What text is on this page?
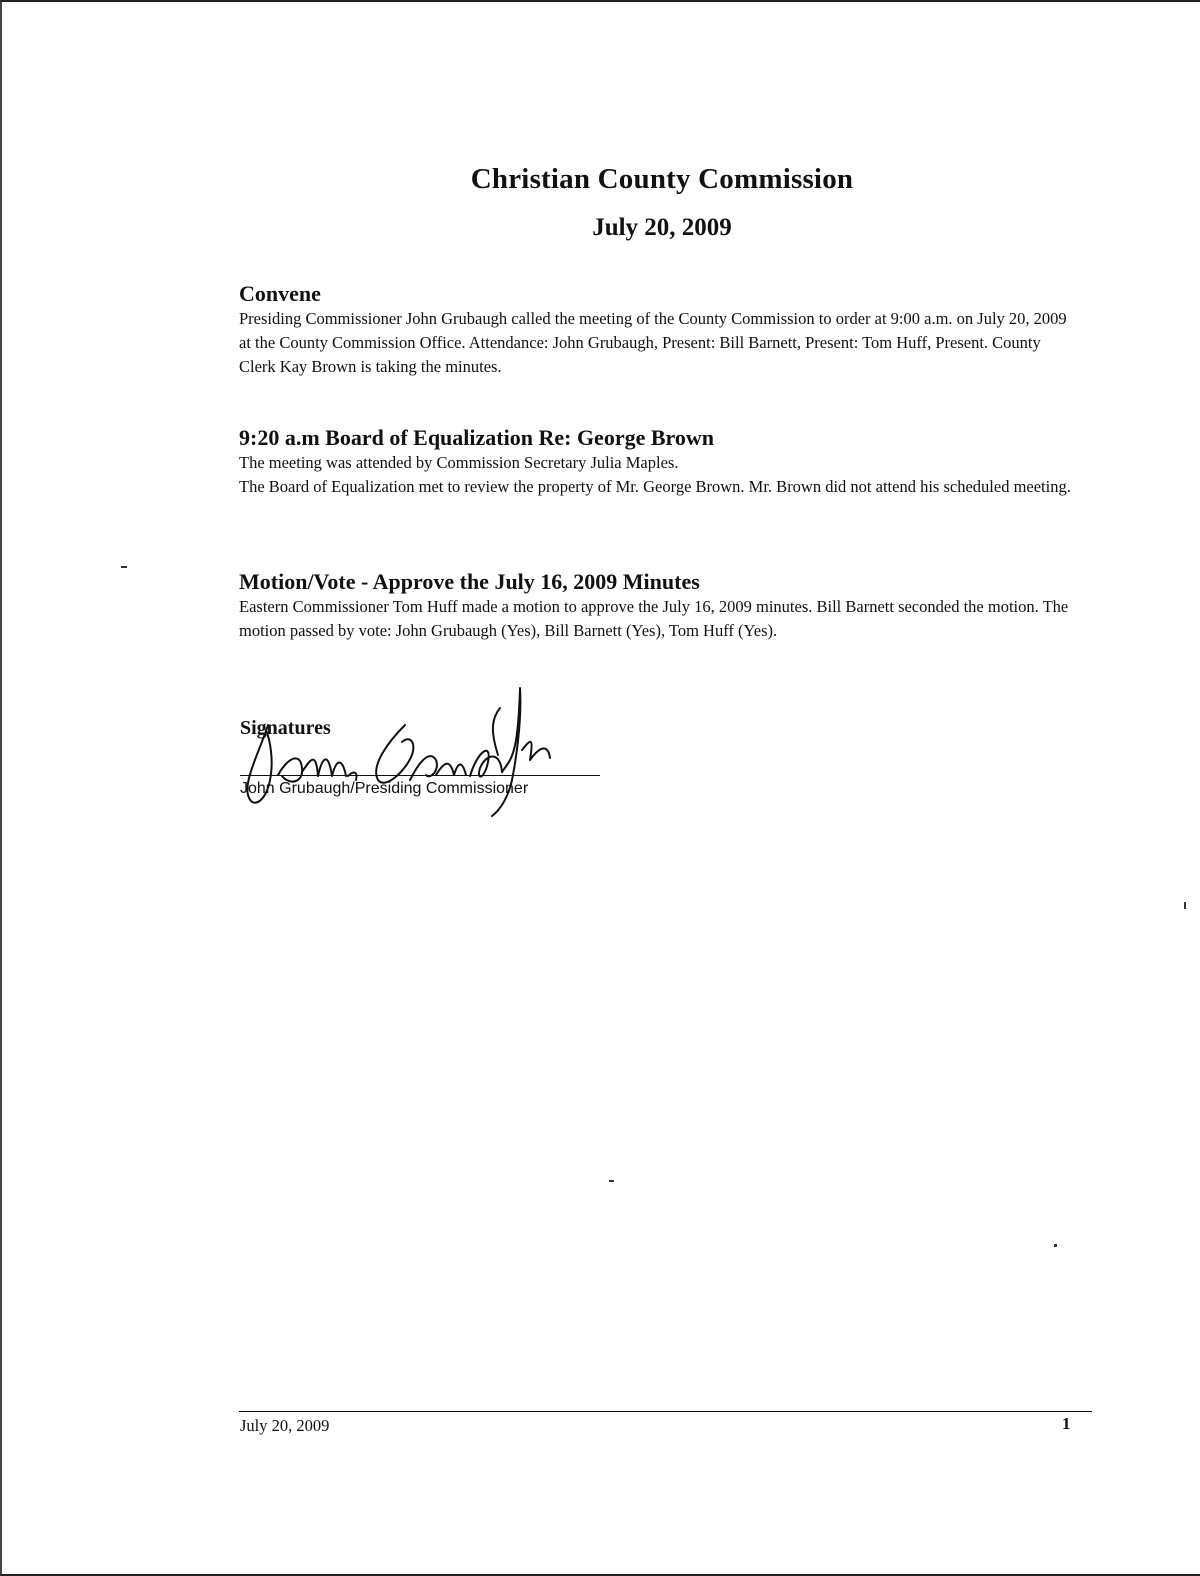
Christian County Commission
July 20, 2009
Convene

Presiding Commissioner John Grubaugh called the meeting of the County Commission to order at 9:00 a.m. on July 20, 2009 at the County Commission Office. Attendance: John Grubaugh, Present: Bill Barnett, Present: Tom Huff, Present. County Clerk Kay Brown is taking the minutes.

9:20 a.m Board of Equalization Re: George Brown

The meeting was attended by Commission Secretary Julia Maples.

The Board of Equalization met to review the property of Mr. George Brown. Mr. Brown did not attend his scheduled meeting.

Motion/Vote - Approve the July 16, 2009 Minutes

Eastern Commissioner Tom Huff made a motion to approve the July 16, 2009 minutes. Bill Barnett seconded the motion. The motion passed by vote: John Grubaugh (Yes), Bill Barnett (Yes), Tom Huff (Yes).

Signatures
John Grubaugh/Presiding Commissioner
July 20, 2009	1
